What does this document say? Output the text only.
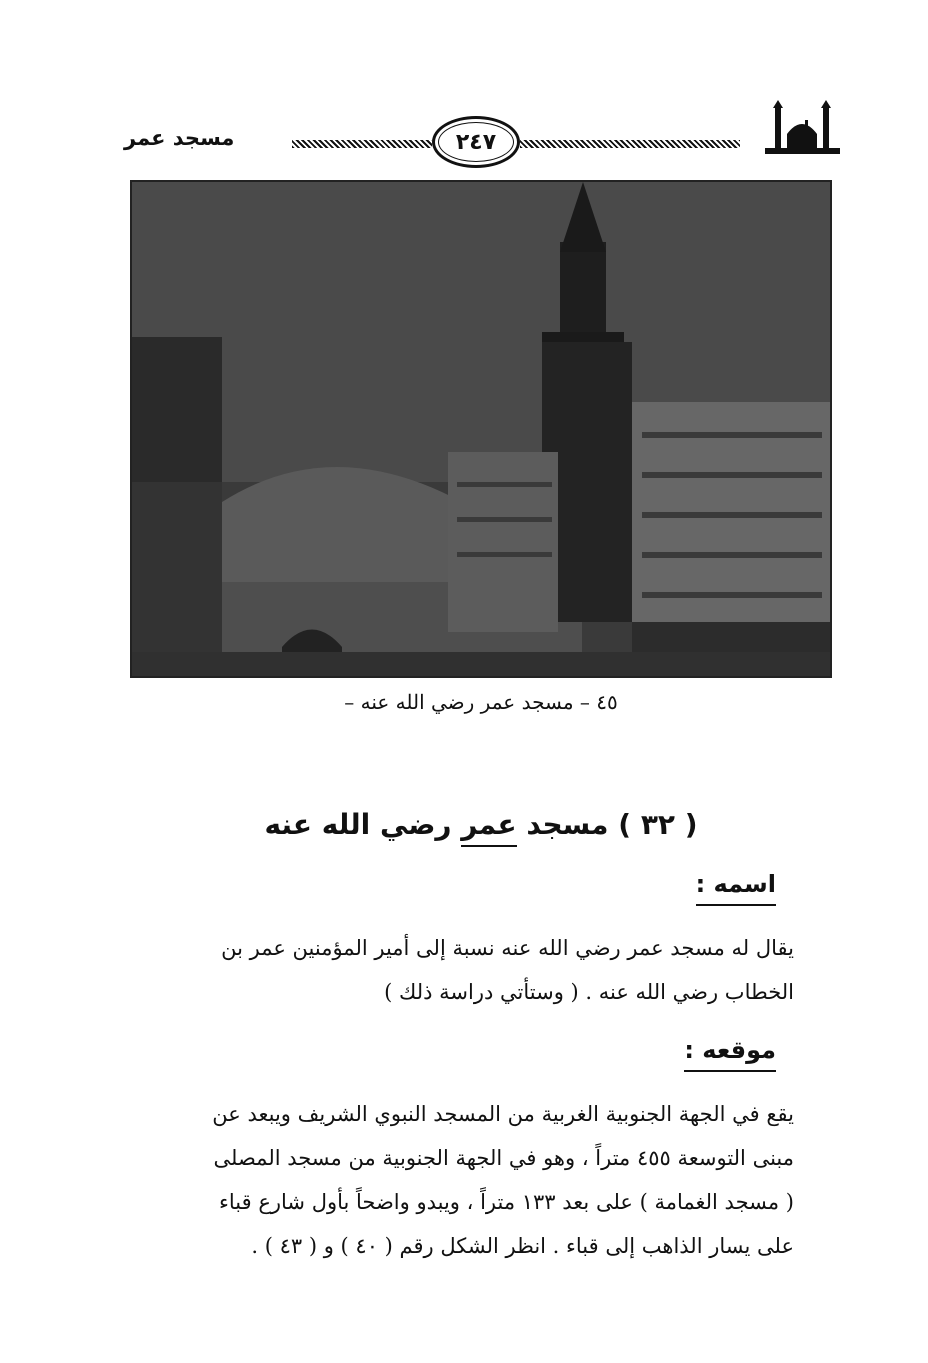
٢٤٧
مسجد عمر
٤٥ – مسجد عمر رضي الله عنه –
( ٣٢ ) مسجد عمر رضي الله عنه
اسمه :
يقال له مسجد عمر رضي الله عنه نسبة إلى أمير المؤمنين عمر بن
الخطاب رضي الله عنه . ( وستأتي دراسة ذلك )
موقعه :
يقع في الجهة الجنوبية الغربية من المسجد النبوي الشريف ويبعد عن
مبنى التوسعة ٤٥٥ متراً ، وهو في الجهة الجنوبية من مسجد المصلى
( مسجد الغمامة ) على بعد ١٣٣ متراً ، ويبدو واضحاً بأول شارع قباء
على يسار الذاهب إلى قباء . انظر الشكل رقم ( ٤٠ ) و ( ٤٣ ) .
